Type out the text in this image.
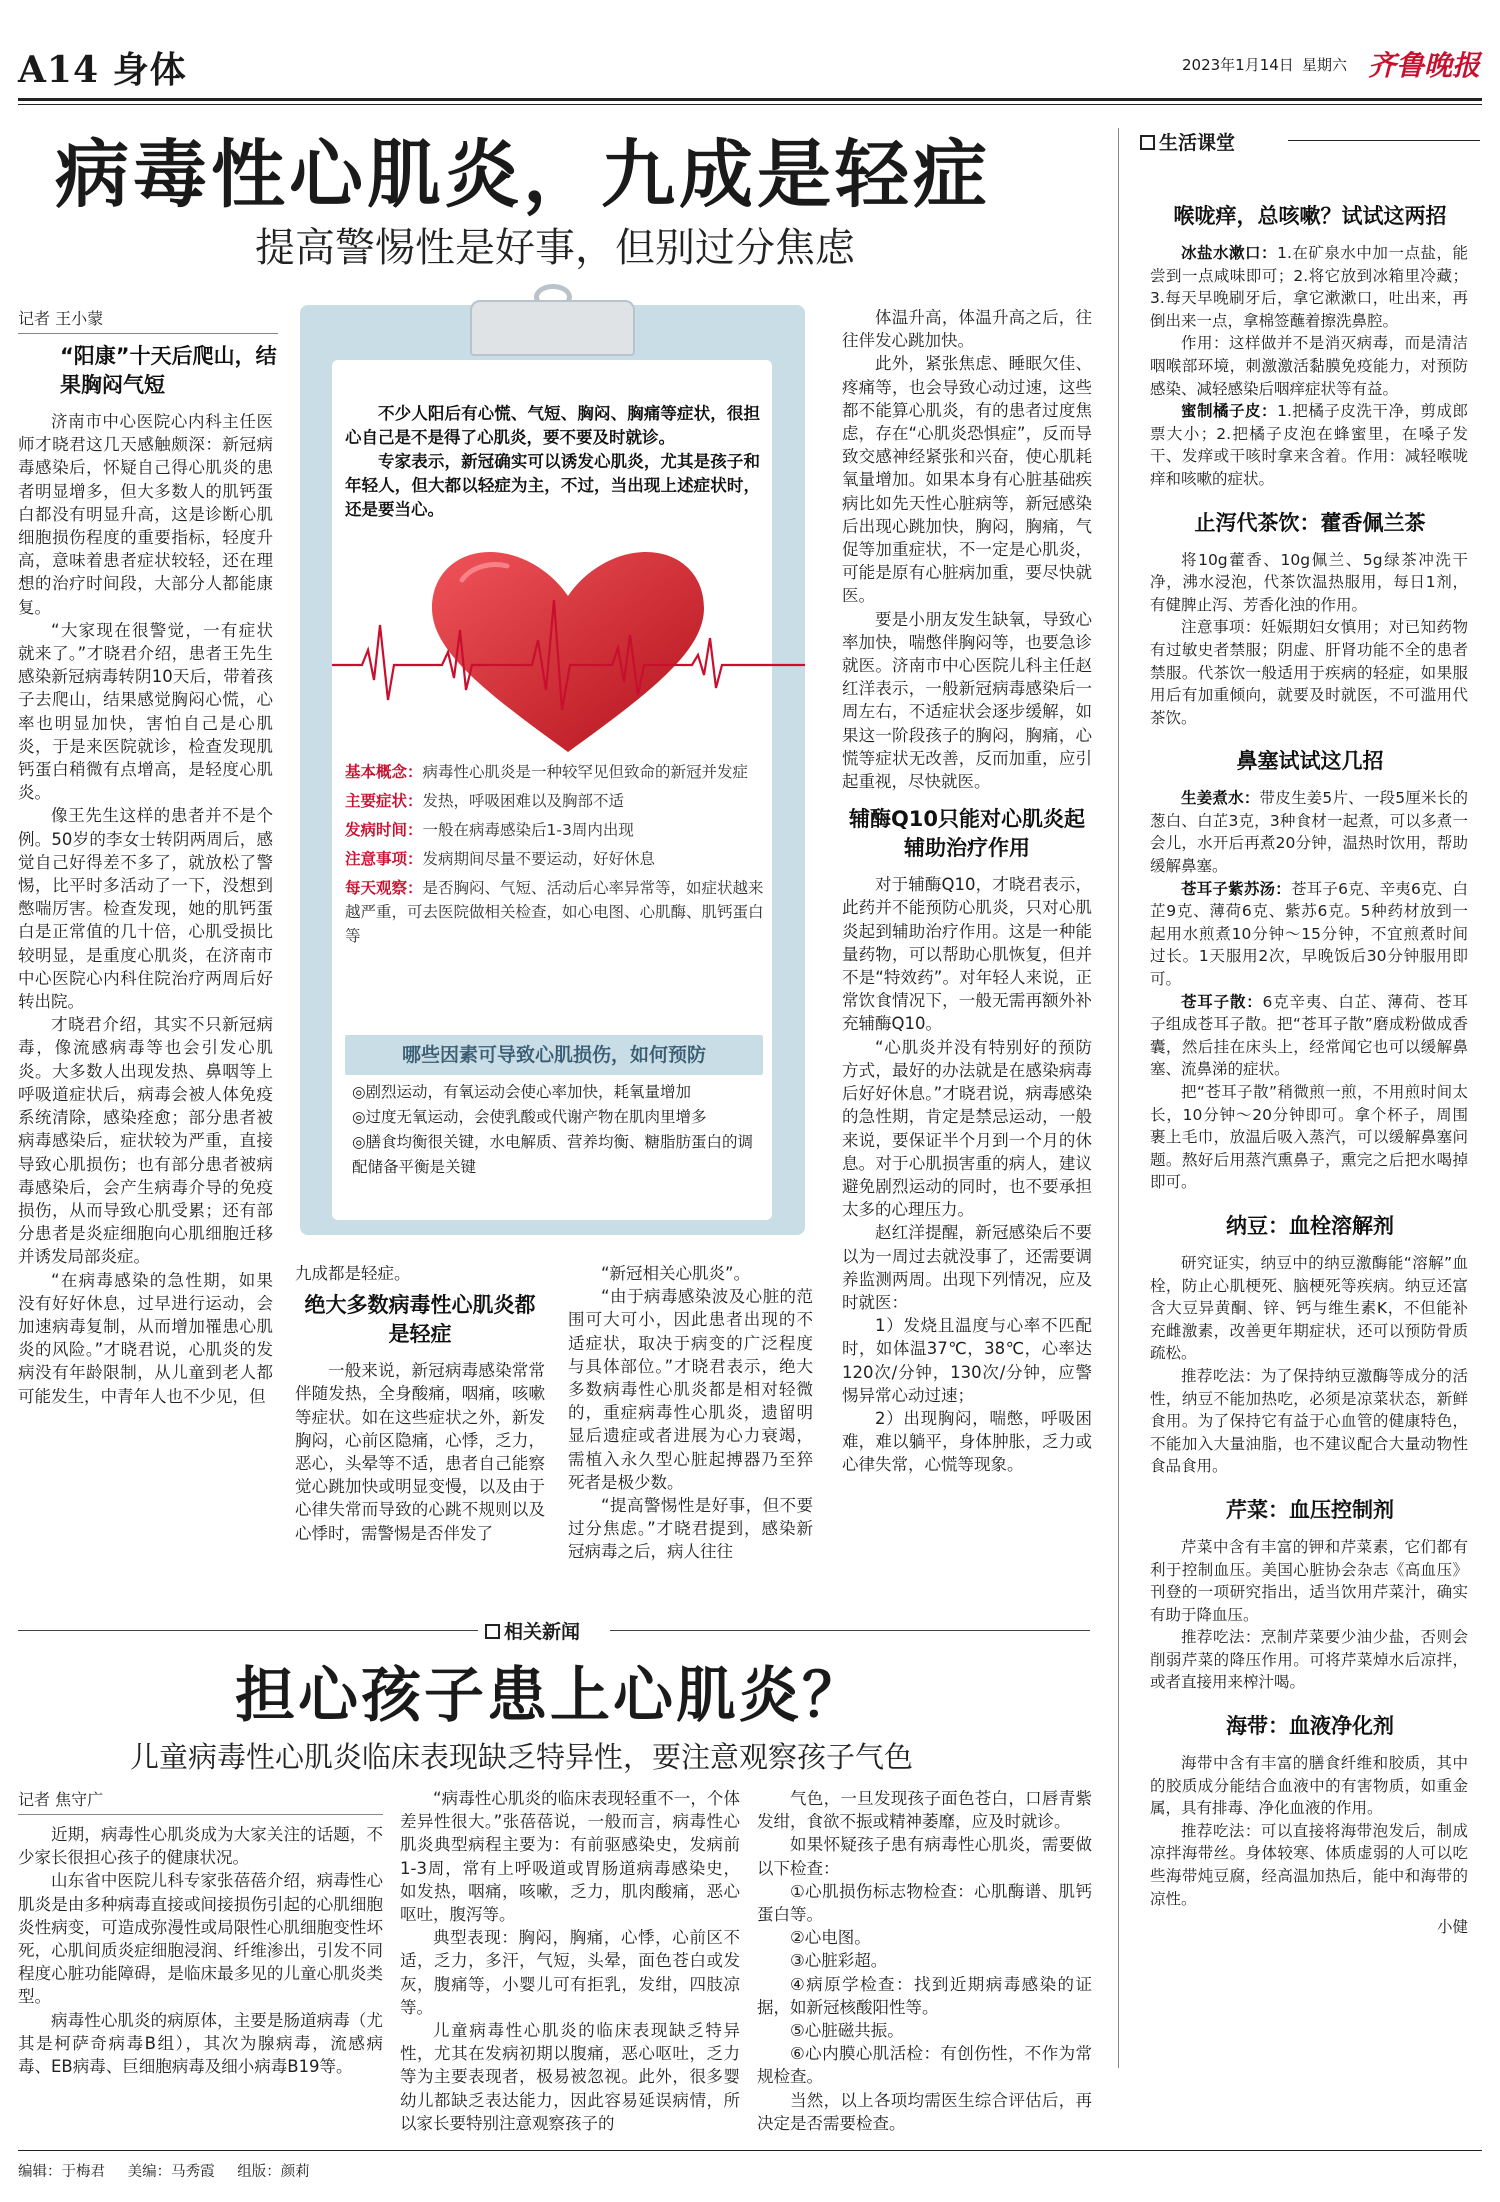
A14 身体	2023年1月14日 星期六 齐鲁晚报
病毒性心肌炎，九成是轻症
提高警惕性是好事，但别过分焦虑
记者 王小蒙
“阳康”十天后爬山，结果胸闷气短

济南市中心医院心内科主任医师才晓君这几天感触颇深：新冠病毒感染后，怀疑自己得心肌炎的患者明显增多，但大多数人的肌钙蛋白都没有明显升高，这是诊断心肌细胞损伤程度的重要指标，轻度升高，意味着患者症状较轻，还在理想的治疗时间段，大部分人都能康复。

“大家现在很警觉，一有症状就来了。”才晓君介绍，患者王先生感染新冠病毒转阴10天后，带着孩子去爬山，结果感觉胸闷心慌，心率也明显加快，害怕自己是心肌炎，于是来医院就诊，检查发现肌钙蛋白稍微有点增高，是轻度心肌炎。

像王先生这样的患者并不是个例。50岁的李女士转阴两周后，感觉自己好得差不多了，就放松了警惕，比平时多活动了一下，没想到憋喘厉害。检查发现，她的肌钙蛋白是正常值的几十倍，心肌受损比较明显，是重度心肌炎，在济南市中心医院心内科住院治疗两周后好转出院。

才晓君介绍，其实不只新冠病毒，像流感病毒等也会引发心肌炎。大多数人出现发热、鼻咽等上呼吸道症状后，病毒会被人体免疫系统清除，感染痊愈；部分患者被病毒感染后，症状较为严重，直接导致心肌损伤；也有部分患者被病毒感染后，会产生病毒介导的免疫损伤，从而导致心肌受累；还有部分患者是炎症细胞向心肌细胞迁移并诱发局部炎症。

“在病毒感染的急性期，如果没有好好休息，过早进行运动，会加速病毒复制，从而增加罹患心肌炎的风险。”才晓君说，心肌炎的发病没有年龄限制，从儿童到老人都可能发生，中青年人也不少见，但

不少人阳后有心慌、气短、胸闷、胸痛等症状，很担心自己是不是得了心肌炎，要不要及时就诊。

专家表示，新冠确实可以诱发心肌炎，尤其是孩子和年轻人，但大都以轻症为主，不过，当出现上述症状时，还是要当心。

基本概念：病毒性心肌炎是一种较罕见但致命的新冠并发症
主要症状：发热，呼吸困难以及胸部不适
发病时间：一般在病毒感染后1-3周内出现
注意事项：发病期间尽量不要运动，好好休息
每天观察：是否胸闷、气短、活动后心率异常等，如症状越来越严重，可去医院做相关检查，如心电图、心肌酶、肌钙蛋白等
哪些因素可导致心肌损伤，如何预防
◎剧烈运动，有氧运动会使心率加快，耗氧量增加
◎过度无氧运动，会使乳酸或代谢产物在肌肉里增多
◎膳食均衡很关键，水电解质、营养均衡、糖脂肪蛋白的调配储备平衡是关键
九成都是轻症。
绝大多数病毒性心肌炎都是轻症

一般来说，新冠病毒感染常常伴随发热，全身酸痛，咽痛，咳嗽等症状。如在这些症状之外，新发胸闷，心前区隐痛，心悸，乏力，恶心，头晕等不适，患者自己能察觉心跳加快或明显变慢，以及由于心律失常而导致的心跳不规则以及心悸时，需警惕是否伴发了

“新冠相关心肌炎”。

“由于病毒感染波及心脏的范围可大可小，因此患者出现的不适症状，取决于病变的广泛程度与具体部位。”才晓君表示，绝大多数病毒性心肌炎都是相对轻微的，重症病毒性心肌炎，遗留明显后遗症或者进展为心力衰竭，需植入永久型心脏起搏器乃至猝死者是极少数。

“提高警惕性是好事，但不要过分焦虑。”才晓君提到，感染新冠病毒之后，病人往往

体温升高，体温升高之后，往往伴发心跳加快。

此外，紧张焦虑、睡眠欠佳、疼痛等，也会导致心动过速，这些都不能算心肌炎，有的患者过度焦虑，存在“心肌炎恐惧症”，反而导致交感神经紧张和兴奋，使心肌耗氧量增加。如果本身有心脏基础疾病比如先天性心脏病等，新冠感染后出现心跳加快，胸闷，胸痛，气促等加重症状，不一定是心肌炎，可能是原有心脏病加重，要尽快就医。

要是小朋友发生缺氧，导致心率加快，喘憋伴胸闷等，也要急诊就医。济南市中心医院儿科主任赵红洋表示，一般新冠病毒感染后一周左右，不适症状会逐步缓解，如果这一阶段孩子的胸闷，胸痛，心慌等症状无改善，反而加重，应引起重视，尽快就医。

辅酶Q10只能对心肌炎起辅助治疗作用

对于辅酶Q10，才晓君表示，此药并不能预防心肌炎，只对心肌炎起到辅助治疗作用。这是一种能量药物，可以帮助心肌恢复，但并不是“特效药”。对年轻人来说，正常饮食情况下，一般无需再额外补充辅酶Q10。

“心肌炎并没有特别好的预防方式，最好的办法就是在感染病毒后好好休息。”才晓君说，病毒感染的急性期，肯定是禁忌运动，一般来说，要保证半个月到一个月的休息。对于心肌损害重的病人，建议避免剧烈运动的同时，也不要承担太多的心理压力。

赵红洋提醒，新冠感染后不要以为一周过去就没事了，还需要调养监测两周。出现下列情况，应及时就医：

1）发烧且温度与心率不匹配时，如体温37℃，38℃，心率达120次/分钟，130次/分钟，应警惕异常心动过速；

2）出现胸闷，喘憋，呼吸困难，难以躺平，身体肿胀，乏力或心律失常，心慌等现象。

生活课堂
喉咙痒，总咳嗽？试试这两招

冰盐水漱口：1.在矿泉水中加一点盐，能尝到一点咸味即可；2.将它放到冰箱里冷藏；3.每天早晚刷牙后，拿它漱漱口，吐出来，再倒出来一点，拿棉签蘸着擦洗鼻腔。

作用：这样做并不是消灭病毒，而是清洁咽喉部环境，刺激激活黏膜免疫能力，对预防感染、减轻感染后咽痒症状等有益。

蜜制橘子皮：1.把橘子皮洗干净，剪成郎票大小；2.把橘子皮泡在蜂蜜里，在嗓子发干、发痒或干咳时拿来含着。作用：减轻喉咙痒和咳嗽的症状。

止泻代茶饮：藿香佩兰茶

将10g藿香、10g佩兰、5g绿茶冲洗干净，沸水浸泡，代茶饮温热服用，每日1剂，有健脾止泻、芳香化浊的作用。

注意事项：妊娠期妇女慎用；对已知药物有过敏史者禁服；阴虚、肝肾功能不全的患者禁服。代茶饮一般适用于疾病的轻症，如果服用后有加重倾向，就要及时就医，不可滥用代茶饮。

鼻塞试试这几招

生姜煮水：带皮生姜5片、一段5厘米长的葱白、白芷3克，3种食材一起煮，可以多煮一会儿，水开后再煮20分钟，温热时饮用，帮助缓解鼻塞。

苍耳子紫苏汤：苍耳子6克、辛夷6克、白芷9克、薄荷6克、紫苏6克。5种药材放到一起用水煎煮10分钟～15分钟，不宜煎煮时间过长。1天服用2次，早晚饭后30分钟服用即可。

苍耳子散：6克辛夷、白芷、薄荷、苍耳子组成苍耳子散。把“苍耳子散”磨成粉做成香囊，然后挂在床头上，经常闻它也可以缓解鼻塞、流鼻涕的症状。

把“苍耳子散”稍微煎一煎，不用煎时间太长，10分钟～20分钟即可。拿个杯子，周围裹上毛巾，放温后吸入蒸汽，可以缓解鼻塞问题。熬好后用蒸汽熏鼻子，熏完之后把水喝掉即可。

纳豆：血栓溶解剂

研究证实，纳豆中的纳豆激酶能“溶解”血栓，防止心肌梗死、脑梗死等疾病。纳豆还富含大豆异黄酮、锌、钙与维生素K，不但能补充雌激素，改善更年期症状，还可以预防骨质疏松。

推荐吃法：为了保持纳豆激酶等成分的活性，纳豆不能加热吃，必须是凉菜状态，新鲜食用。为了保持它有益于心血管的健康特色，不能加入大量油脂，也不建议配合大量动物性食品食用。

芹菜：血压控制剂

芹菜中含有丰富的钾和芹菜素，它们都有利于控制血压。美国心脏协会杂志《高血压》刊登的一项研究指出，适当饮用芹菜汁，确实有助于降血压。

推荐吃法：烹制芹菜要少油少盐，否则会削弱芹菜的降压作用。可将芹菜焯水后凉拌，或者直接用来榨汁喝。

海带：血液净化剂

海带中含有丰富的膳食纤维和胶质，其中的胶质成分能结合血液中的有害物质，如重金属，具有排毒、净化血液的作用。

推荐吃法：可以直接将海带泡发后，制成凉拌海带丝。身体较寒、体质虚弱的人可以吃些海带炖豆腐，经高温加热后，能中和海带的凉性。

小健
相关新闻
担心孩子患上心肌炎？
儿童病毒性心肌炎临床表现缺乏特异性，要注意观察孩子气色
记者 焦守广

近期，病毒性心肌炎成为大家关注的话题，不少家长很担心孩子的健康状况。

山东省中医院儿科专家张蓓蓓介绍，病毒性心肌炎是由多种病毒直接或间接损伤引起的心肌细胞炎性病变，可造成弥漫性或局限性心肌细胞变性坏死，心肌间质炎症细胞浸润、纤维渗出，引发不同程度心脏功能障碍，是临床最多见的儿童心肌炎类型。

病毒性心肌炎的病原体，主要是肠道病毒（尤其是柯萨奇病毒B组），其次为腺病毒，流感病毒、EB病毒、巨细胞病毒及细小病毒B19等。

“病毒性心肌炎的临床表现轻重不一，个体差异性很大。”张蓓蓓说，一般而言，病毒性心肌炎典型病程主要为：有前驱感染史，发病前1-3周，常有上呼吸道或胃肠道病毒感染史，如发热，咽痛，咳嗽，乏力，肌肉酸痛，恶心呕吐，腹泻等。

典型表现：胸闷，胸痛，心悸，心前区不适，乏力，多汗，气短，头晕，面色苍白或发灰，腹痛等，小婴儿可有拒乳，发绀，四肢凉等。

儿童病毒性心肌炎的临床表现缺乏特异性，尤其在发病初期以腹痛，恶心呕吐，乏力等为主要表现者，极易被忽视。此外，很多婴幼儿都缺乏表达能力，因此容易延误病情，所以家长要特别注意观察孩子的

气色，一旦发现孩子面色苍白，口唇青紫发绀，食欲不振或精神萎靡，应及时就诊。

如果怀疑孩子患有病毒性心肌炎，需要做以下检查：

①心肌损伤标志物检查：心肌酶谱、肌钙蛋白等。

②心电图。

③心脏彩超。

④病原学检查：找到近期病毒感染的证据，如新冠核酸阳性等。

⑤心脏磁共振。

⑥心内膜心肌活检：有创伤性，不作为常规检查。

当然，以上各项均需医生综合评估后，再决定是否需要检查。

编辑：于梅君 美编：马秀霞 组版：颜莉
